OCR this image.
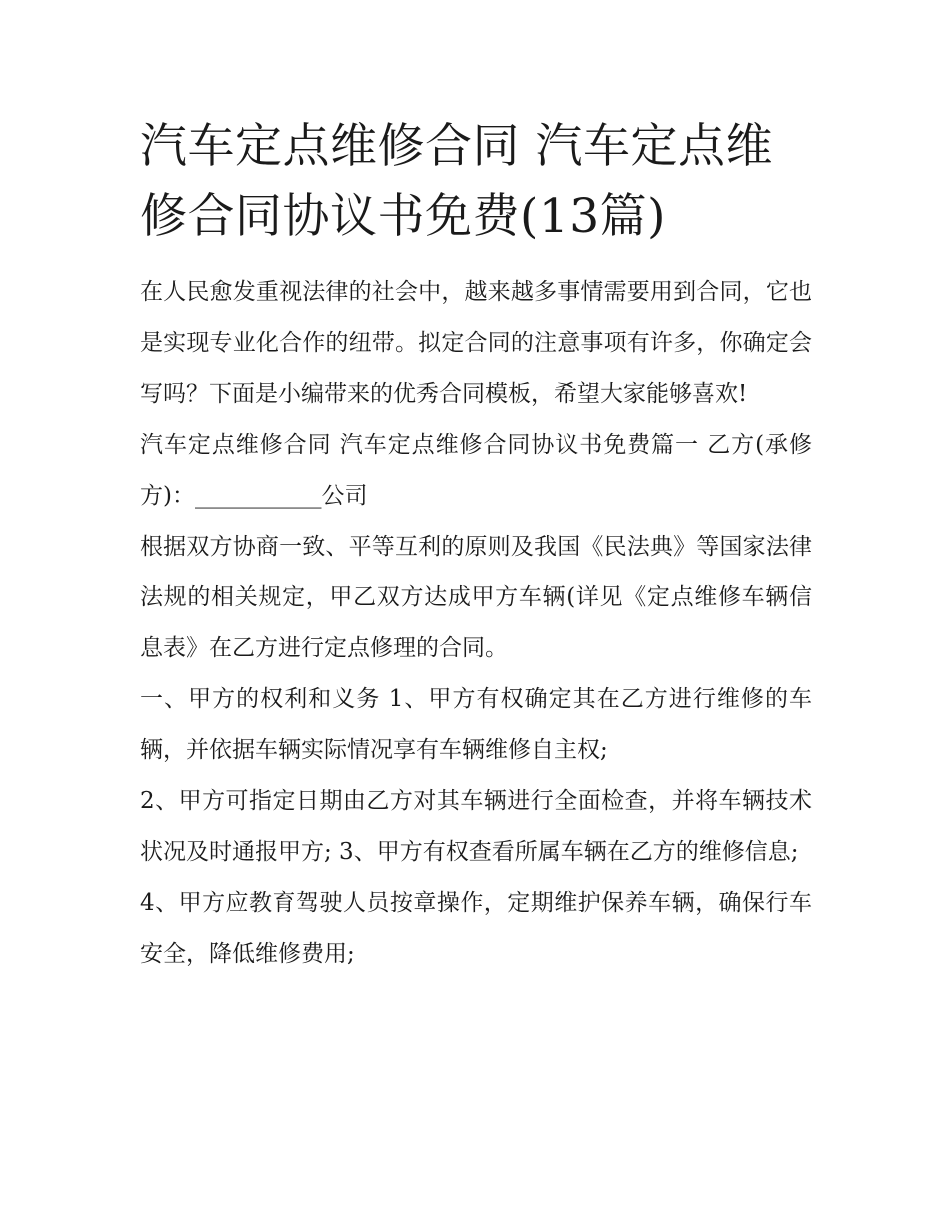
汽车定点维修合同 汽车定点维修合同协议书免费(13篇)

在人民愈发重视法律的社会中，越来越多事情需要用到合同，它也是实现专业化合作的纽带。拟定合同的注意事项有许多，你确定会写吗？下面是小编带来的优秀合同模板，希望大家能够喜欢!

汽车定点维修合同 汽车定点维修合同协议书免费篇一 乙方(承修方)：___________公司

根据双方协商一致、平等互利的原则及我国《民法典》等国家法律法规的相关规定，甲乙双方达成甲方车辆(详见《定点维修车辆信息表》在乙方进行定点修理的合同。

一、甲方的权利和义务 1、甲方有权确定其在乙方进行维修的车辆，并依据车辆实际情况享有车辆维修自主权;

2、甲方可指定日期由乙方对其车辆进行全面检查，并将车辆技术状况及时通报甲方; 3、甲方有权查看所属车辆在乙方的维修信息;

4、甲方应教育驾驶人员按章操作，定期维护保养车辆，确保行车安全，降低维修费用;
